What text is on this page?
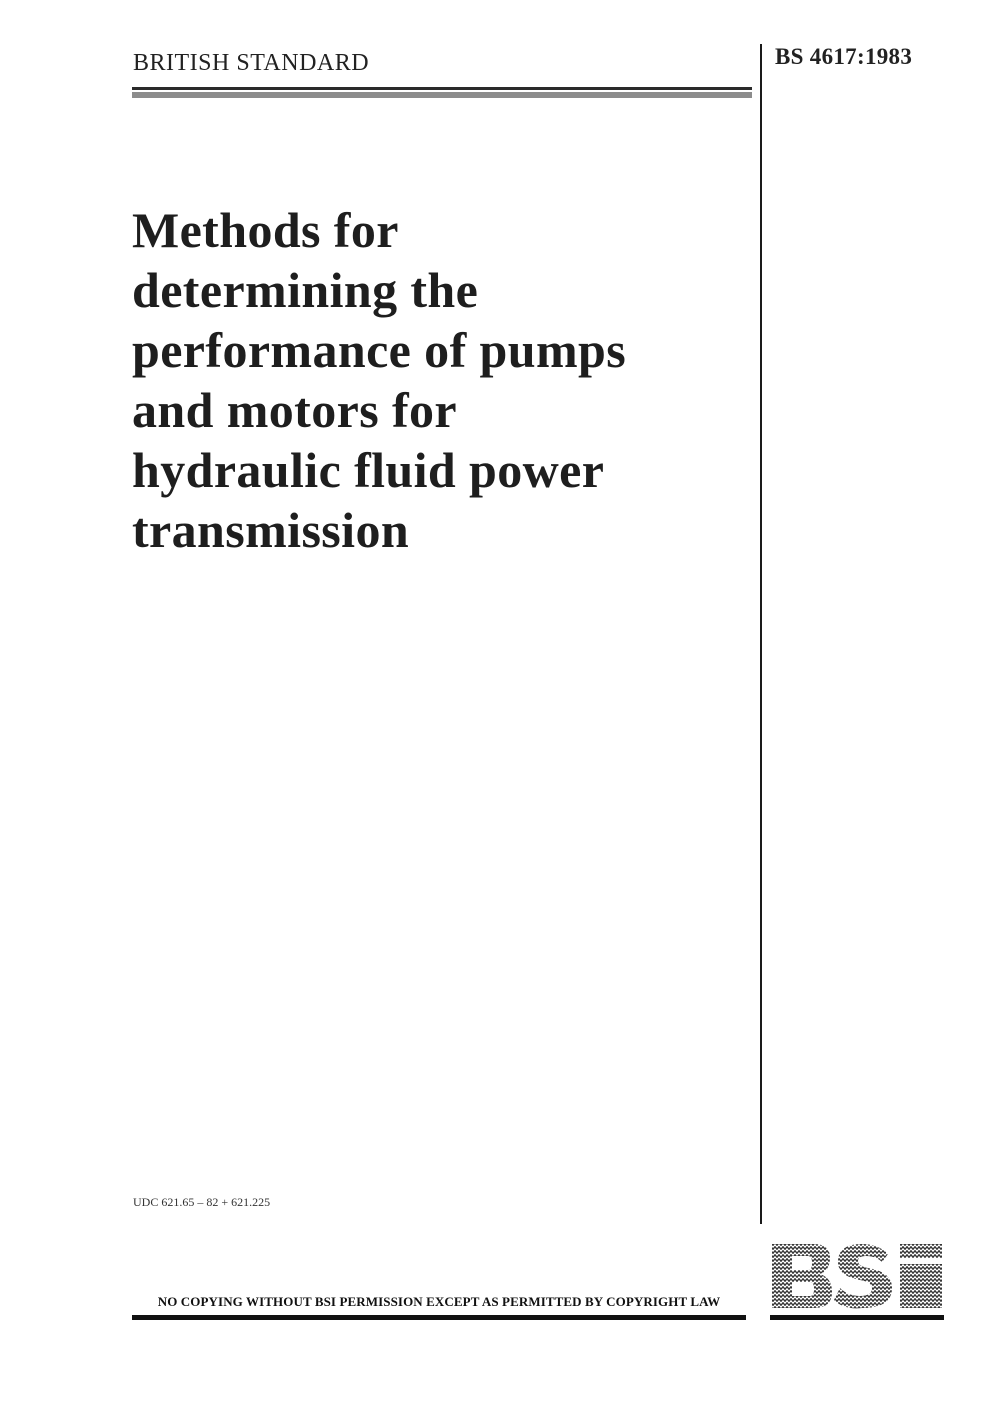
BRITISH STANDARD	BS 4617:1983
Methods for
determining the
performance of pumps
and motors for
hydraulic fluid power
transmission
UDC 621.65 – 82 + 621.225
NO COPYING WITHOUT BSI PERMISSION EXCEPT AS PERMITTED BY COPYRIGHT LAW
